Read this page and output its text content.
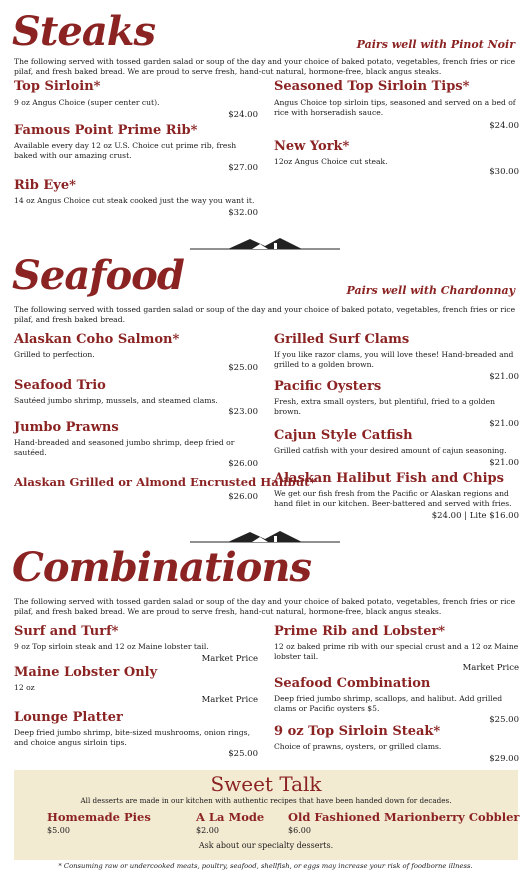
Steaks	Pairs well with Pinot Noir
The following served with tossed garden salad or soup of the day and your choice of baked potato, vegetables, french fries or rice pilaf, and fresh baked bread. We are proud to serve fresh, hand-cut natural, hormone-free, black angus steaks.
Top Sirloin*
9 oz Angus Choice (super center cut).
$24.00
Famous Point Prime Rib*
Available every day 12 oz U.S. Choice cut prime rib, fresh baked with our amazing crust.
$27.00
Rib Eye*
14 oz Angus Choice cut steak cooked just the way you want it.
$32.00
Seasoned Top Sirloin Tips*
Angus Choice top sirloin tips, seasoned and served on a bed of rice with horseradish sauce.
$24.00
New York*
12oz Angus Choice cut steak.
$30.00
Seafood	Pairs well with Chardonnay
The following served with tossed garden salad or soup of the day and your choice of baked potato, vegetables, french fries or rice pilaf, and fresh baked bread.
Alaskan Coho Salmon*
Grilled to perfection.
$25.00
Seafood Trio
Sautéed jumbo shrimp, mussels, and steamed clams.
$23.00
Jumbo Prawns
Hand-breaded and seasoned jumbo shrimp, deep fried or sautéed.
$26.00
Alaskan Grilled or Almond Encrusted Halibut*
$26.00
Grilled Surf Clams
If you like razor clams, you will love these! Hand-breaded and grilled to a golden brown.
$21.00
Pacific Oysters
Fresh, extra small oysters, but plentiful, fried to a golden brown.
$21.00
Cajun Style Catfish
Grilled catfish with your desired amount of cajun seasoning.
$21.00
Alaskan Halibut Fish and Chips
We get our fish fresh from the Pacific or Alaskan regions and hand filet in our kitchen. Beer-battered and served with fries.
$24.00 | Lite $16.00
Combinations
The following served with tossed garden salad or soup of the day and your choice of baked potato, vegetables, french fries or rice pilaf, and fresh baked bread. We are proud to serve fresh, hand-cut natural, hormone-free, black angus steaks.
Surf and Turf*
9 oz Top sirloin steak and 12 oz Maine lobster tail.
Market Price
Maine Lobster Only
12 oz
Market Price
Lounge Platter
Deep fried jumbo shrimp, bite-sized mushrooms, onion rings, and choice angus sirloin tips.
$25.00
Prime Rib and Lobster*
12 oz baked prime rib with our special crust and a 12 oz Maine lobster tail.
Market Price
Seafood Combination
Deep fried jumbo shrimp, scallops, and halibut. Add grilled clams or Pacific oysters $5.
$25.00
9 oz Top Sirloin Steak*
Choice of prawns, oysters, or grilled clams.
$29.00
Sweet Talk
All desserts are made in our kitchen with authentic recipes that have been handed down for decades.
Homemade Pies
$5.00
A La Mode
$2.00
Old Fashioned Marionberry Cobbler
$6.00
Ask about our specialty desserts.
* Consuming raw or undercooked meats, poultry, seafood, shellfish, or eggs may increase your risk of foodborne illness.
